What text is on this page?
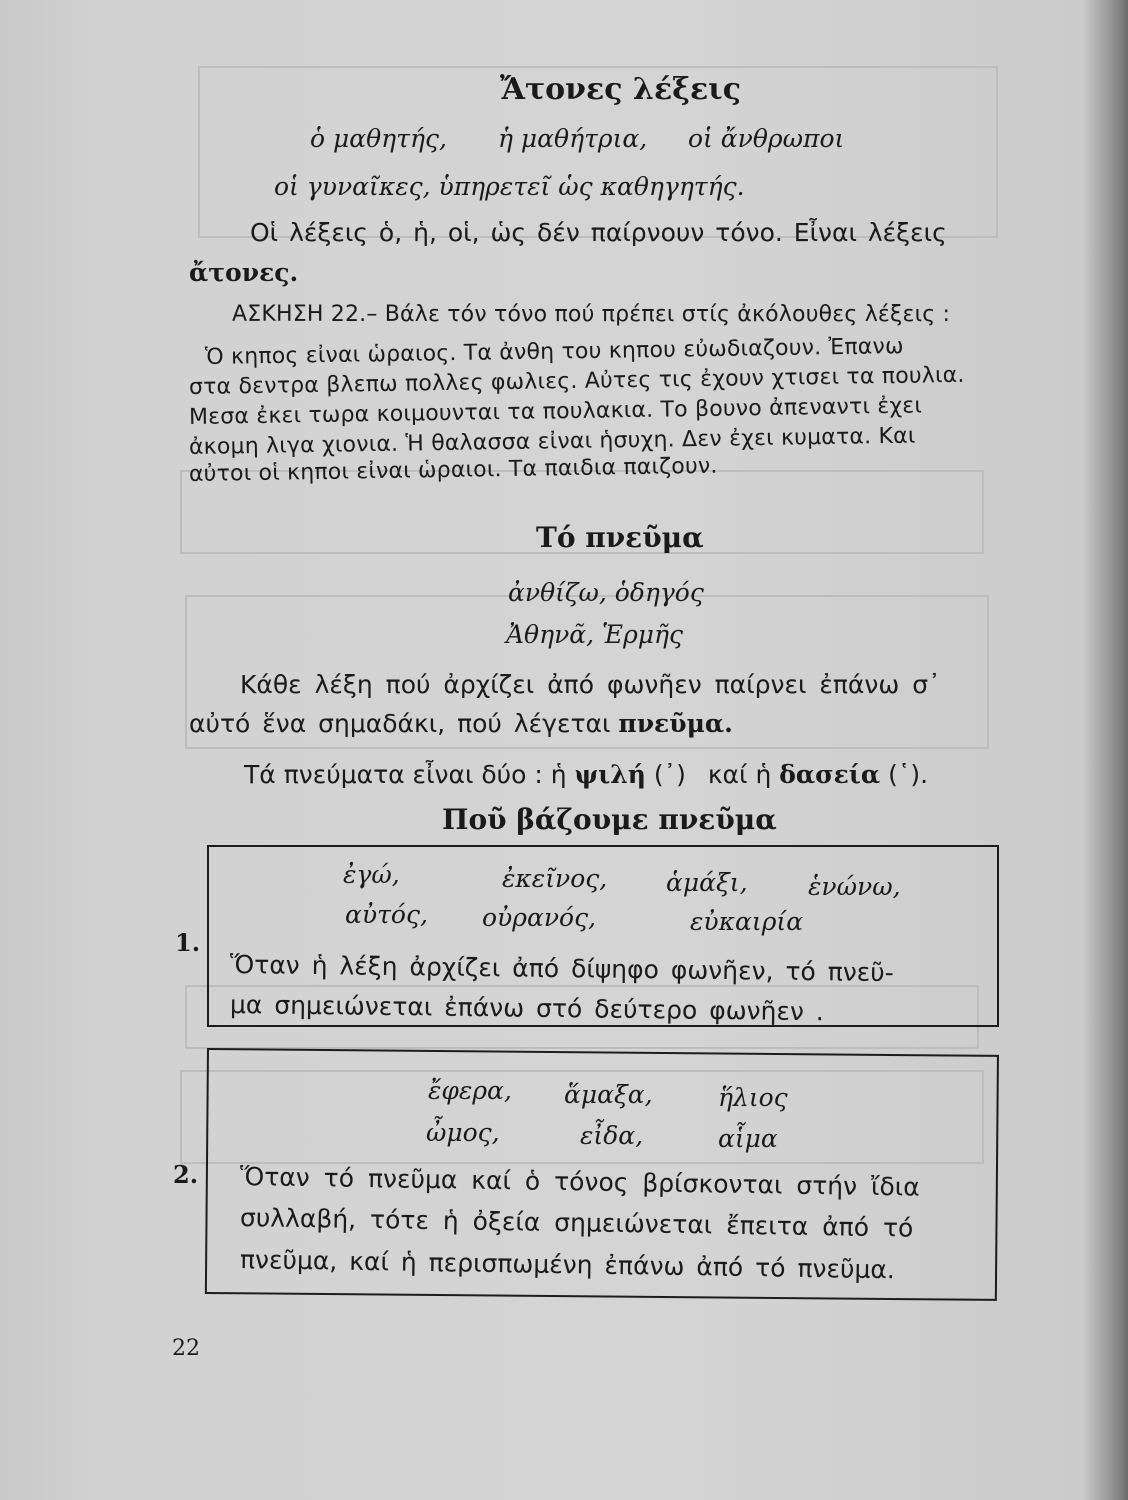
Ἄτονες λέξεις
ὁ μαθητής, ἡ μαθήτρια, οἱ ἄνθρωποι
οἱ γυναῖκες, ὑπηρετεῖ ὡς καθηγητής.
Οἱ λέξεις ὁ, ἡ, οἱ, ὡς δέν παίρνουν τόνο. Εἶναι λέξεις
ἄτονες.
ΑΣΚΗΣΗ 22.– Βάλε τόν τόνο πού πρέπει στίς ἀκόλουθες λέξεις :
Ὁ κηπος εἰναι ὡραιος. Τα ἀνθη του κηπου εὐωδιαζουν. Ἐπανω
στα δεντρα βλεπω πολλες φωλιες. Αὐτες τις ἐχουν χτισει τα πουλια.
Μεσα ἐκει τωρα κοιμουνται τα πουλακια. Το βουνο ἀπεναντι ἐχει
ἀκομη λιγα χιονια. Ἡ θαλασσα εἰναι ἡσυχη. Δεν ἐχει κυματα. Και
αὐτοι οἱ κηποι εἰναι ὡραιοι. Τα παιδια παιζουν.
Τό πνεῦμα
ἀνθίζω, ὁδηγός
Ἀθηνᾶ, Ἑρμῆς
Κάθε λέξη πού ἀρχίζει ἀπό φωνῆεν παίρνει ἐπάνω σ᾽
αὐτό ἕνα σημαδάκι, πού λέγεται πνεῦμα.
Τά πνεύματα εἶναι δύο : ἡ ψιλή (᾿) καί ἡ δασεία (῾).
Ποῦ βάζουμε πνεῦμα
1.
ἐγώ,	ἐκεῖνος, ἁμάξι, ἑνώνω,
αὐτός, οὐρανός,	εὐκαιρία
Ὅταν ἡ λέξη ἀρχίζει ἀπό δίψηφο φωνῆεν, τό πνεῦ-
μα σημειώνεται ἐπάνω στό δεύτερο φωνῆεν .
2.
ἔφερα, ἅμαξα,	ἥλιος
ὦμος,	εἶδα,	αἷμα
Ὅταν τό πνεῦμα καί ὁ τόνος βρίσκονται στήν ἴδια
συλλαβή, τότε ἡ ὀξεία σημειώνεται ἔπειτα ἀπό τό
πνεῦμα, καί ἡ περισπωμένη ἐπάνω ἀπό τό πνεῦμα.
22
